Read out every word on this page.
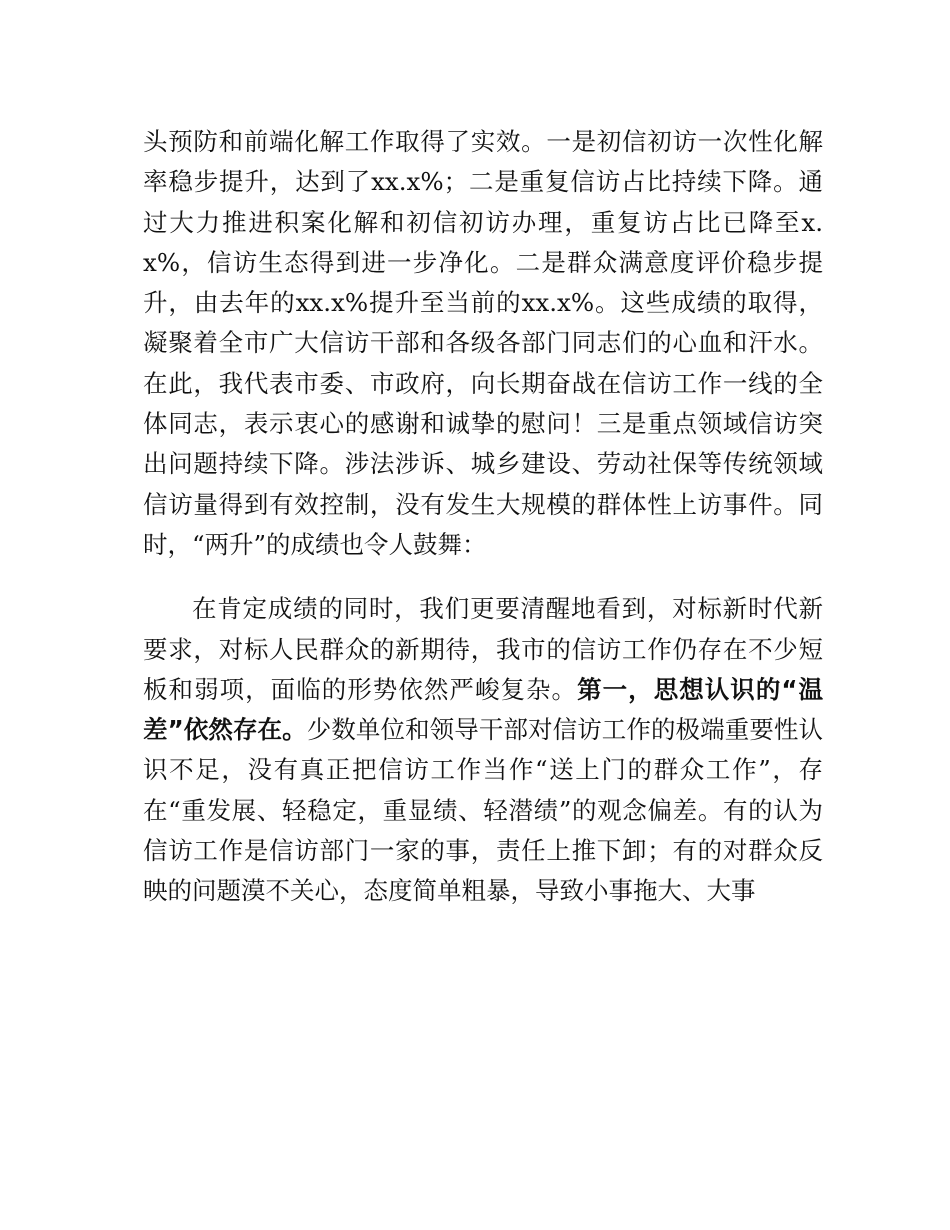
头预防和前端化解工作取得了实效。一是初信初访一次性化解率稳步提升，达到了xx.x%；二是重复信访占比持续下降。通过大力推进积案化解和初信初访办理，重复访占比已降至x.x%，信访生态得到进一步净化。二是群众满意度评价稳步提升，由去年的xx.x%提升至当前的xx.x%。这些成绩的取得，凝聚着全市广大信访干部和各级各部门同志们的心血和汗水。在此，我代表市委、市政府，向长期奋战在信访工作一线的全体同志，表示衷心的感谢和诚挚的慰问！三是重点领域信访突出问题持续下降。涉法涉诉、城乡建设、劳动社保等传统领域信访量得到有效控制，没有发生大规模的群体性上访事件。同时，“两升”的成绩也令人鼓舞：

在肯定成绩的同时，我们更要清醒地看到，对标新时代新要求，对标人民群众的新期待，我市的信访工作仍存在不少短板和弱项，面临的形势依然严峻复杂。第一，思想认识的“温差”依然存在。少数单位和领导干部对信访工作的极端重要性认识不足，没有真正把信访工作当作“送上门的群众工作”，存在“重发展、轻稳定，重显绩、轻潜绩”的观念偏差。有的认为信访工作是信访部门一家的事，责任上推下卸；有的对群众反映的问题漠不关心，态度简单粗暴，导致小事拖大、大事
